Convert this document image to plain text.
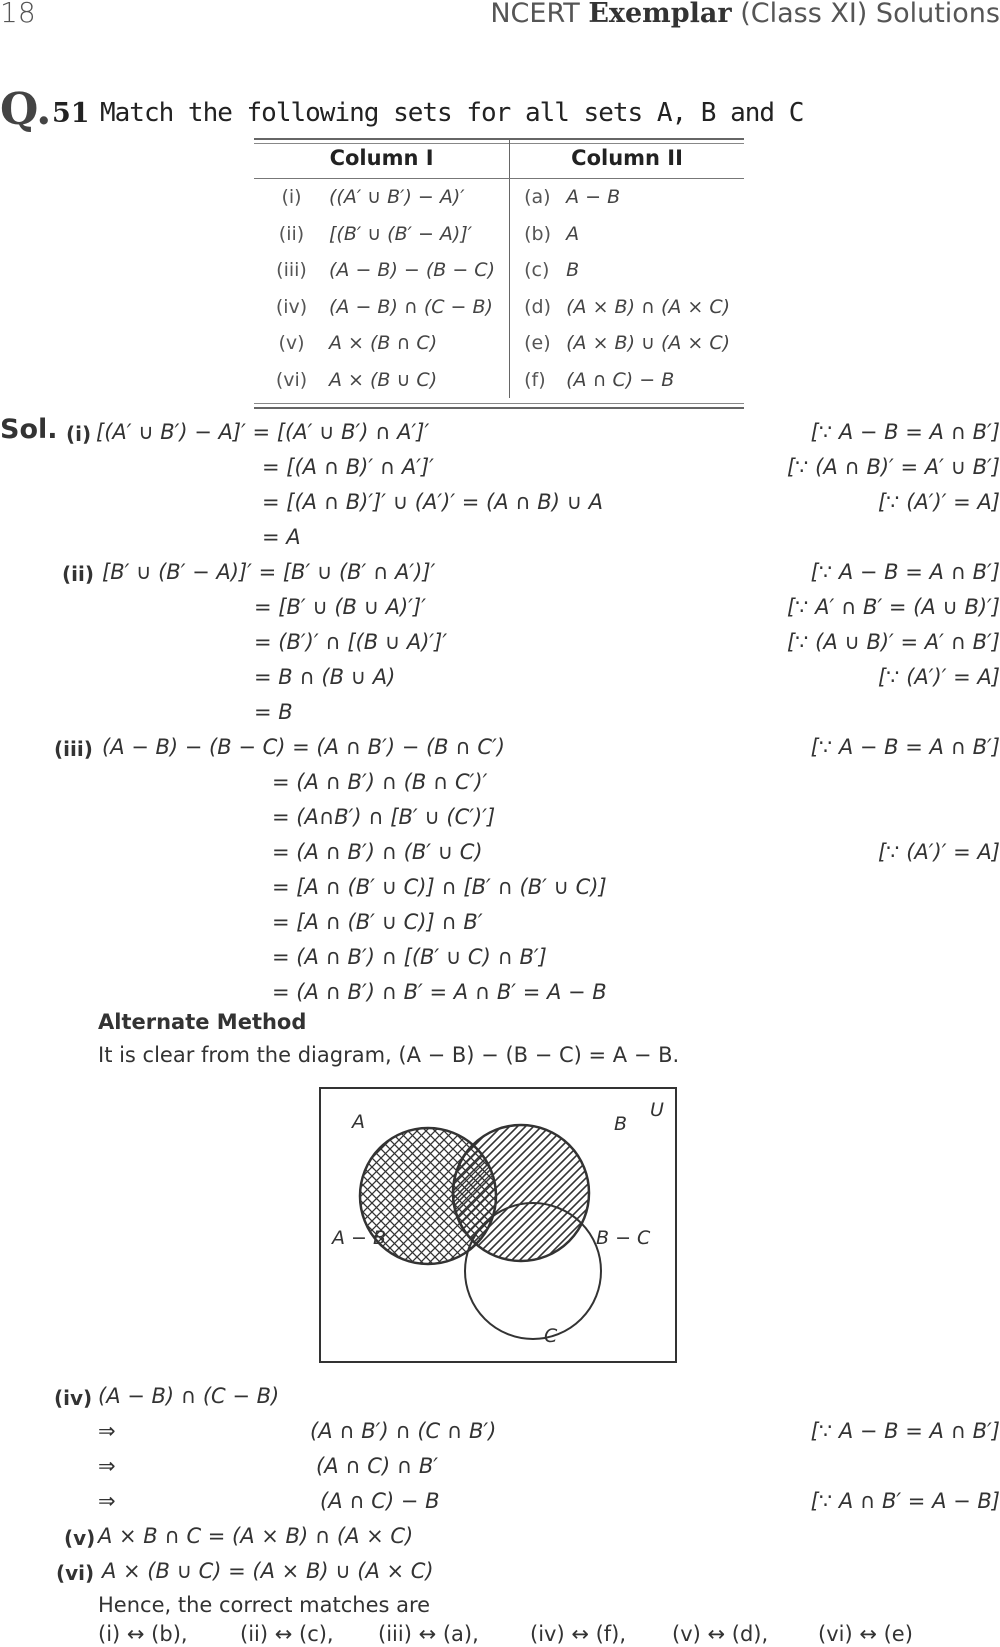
18	NCERT Exemplar (Class XI) Solutions
Q. 51 Match the following sets for all sets A, B and C
Column I		Column II	
(i)	((A′ ∪ B′) − A)′	(a)	A − B
(ii)	[(B′ ∪ (B′ − A)]′	(b)	A
(iii)	(A − B) − (B − C)	(c)	B
(iv)	(A − B) ∩ (C − B)	(d)	(A × B) ∩ (A × C)
(v)	A × (B ∩ C)	(e)	(A × B) ∪ (A × C)
(vi)	A × (B ∪ C)	(f)	(A ∩ C) − B
Sol. (i) [(A′ ∪ B′) − A]′ = [(A′ ∪ B′) ∩ A′]′
= [(A ∩ B)′ ∩ A′]′
= [(A ∩ B)′]′ ∪ (A′)′ = (A ∩ B) ∪ A
= A
[∵ A − B = A ∩ B′]
[∵ (A ∩ B)′ = A′ ∪ B′]
[∵ (A′)′ = A]
(ii) [B′ ∪ (B′ − A)]′ = [B′ ∪ (B′ ∩ A′)]′
= [B′ ∪ (B ∪ A)′]′
= (B′)′ ∩ [(B ∪ A)′]′
= B ∩ (B ∪ A)
= B
[∵ A − B = A ∩ B′]
[∵ A′ ∩ B′ = (A ∪ B)′]
[∵ (A ∪ B)′ = A′ ∩ B′]
[∵ (A′)′ = A]
(iii) (A − B) − (B − C) = (A ∩ B′) − (B ∩ C′)
= (A ∩ B′) ∩ (B ∩ C′)′
= (A∩B′) ∩ [B′ ∪ (C′)′]
= (A ∩ B′) ∩ (B′ ∪ C)
= [A ∩ (B′ ∪ C)] ∩ [B′ ∩ (B′ ∪ C)]
= [A ∩ (B′ ∪ C)] ∩ B′
= (A ∩ B′) ∩ [(B′ ∪ C) ∩ B′]
= (A ∩ B′) ∩ B′ = A ∩ B′ = A − B
[∵ A − B = A ∩ B′]
[∵ (A′)′ = A]
Alternate Method
It is clear from the diagram, (A − B) − (B − C) = A − B.
A	B
U
A − B	B − C
C
(iv) (A − B) ∩ (C − B)
⇒	(A ∩ B′) ∩ (C ∩ B′)
⇒	(A ∩ C) ∩ B′
⇒	(A ∩ C) − B
[∵ A − B = A ∩ B′]
[∵ A ∩ B′ = A − B]
(v) A × B ∩ C = (A × B) ∩ (A × C)
(vi) A × (B ∪ C) = (A × B) ∪ (A × C)
Hence, the correct matches are
(i) ↔ (b), (ii) ↔ (c), (iii) ↔ (a), (iv) ↔ (f), (v) ↔ (d), (vi) ↔ (e)
